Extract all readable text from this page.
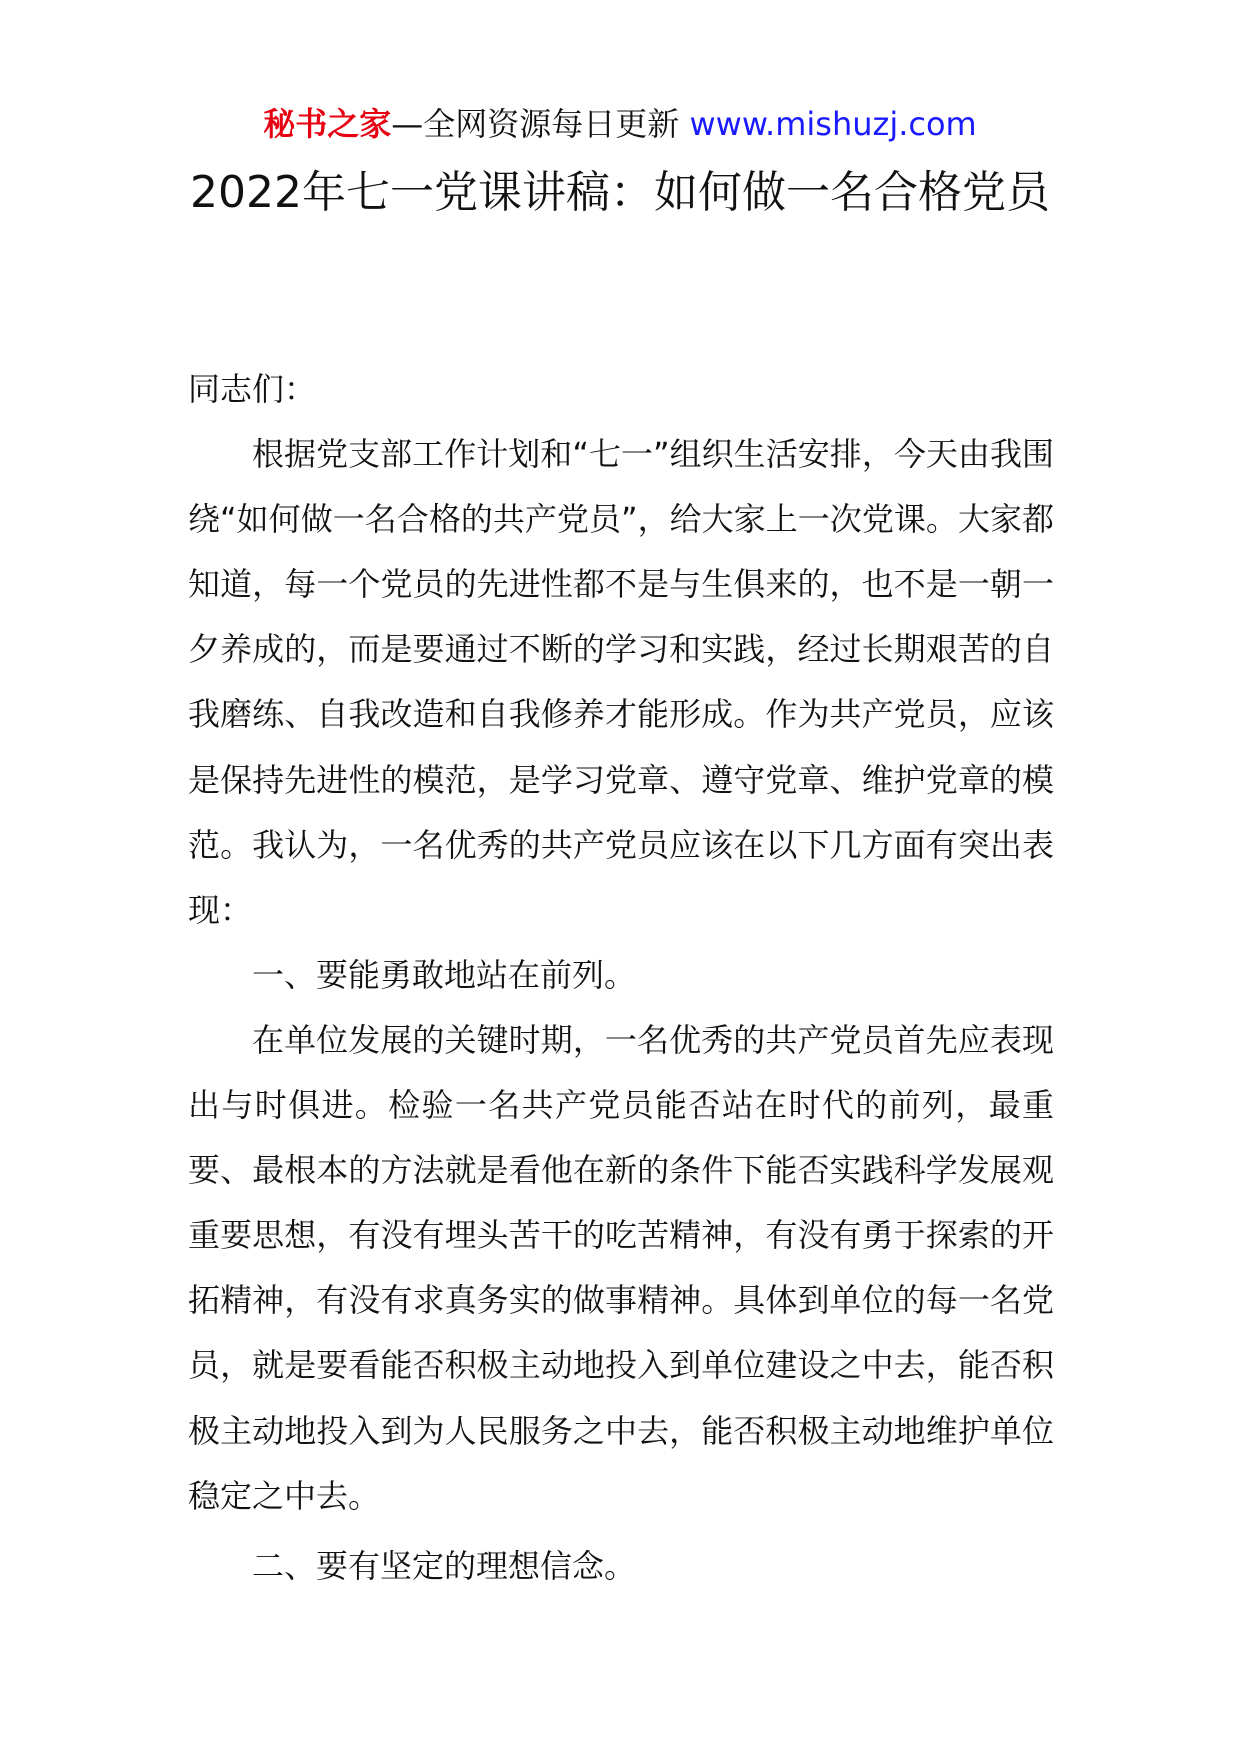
秘书之家—全网资源每日更新 www.mishuzj.com
2022年七一党课讲稿：如何做一名合格党员

同志们：

根据党支部工作计划和“七一”组织生活安排，今天由我围绕“如何做一名合格的共产党员”，给大家上一次党课。大家都知道，每一个党员的先进性都不是与生俱来的，也不是一朝一夕养成的，而是要通过不断的学习和实践，经过长期艰苦的自我磨练、自我改造和自我修养才能形成。作为共产党员，应该是保持先进性的模范，是学习党章、遵守党章、维护党章的模范。我认为，一名优秀的共产党员应该在以下几方面有突出表现：

一、要能勇敢地站在前列。

在单位发展的关键时期，一名优秀的共产党员首先应表现出与时俱进。检验一名共产党员能否站在时代的前列，最重要、最根本的方法就是看他在新的条件下能否实践科学发展观重要思想，有没有埋头苦干的吃苦精神，有没有勇于探索的开拓精神，有没有求真务实的做事精神。具体到单位的每一名党员，就是要看能否积极主动地投入到单位建设之中去，能否积极主动地投入到为人民服务之中去，能否积极主动地维护单位稳定之中去。

二、要有坚定的理想信念。
